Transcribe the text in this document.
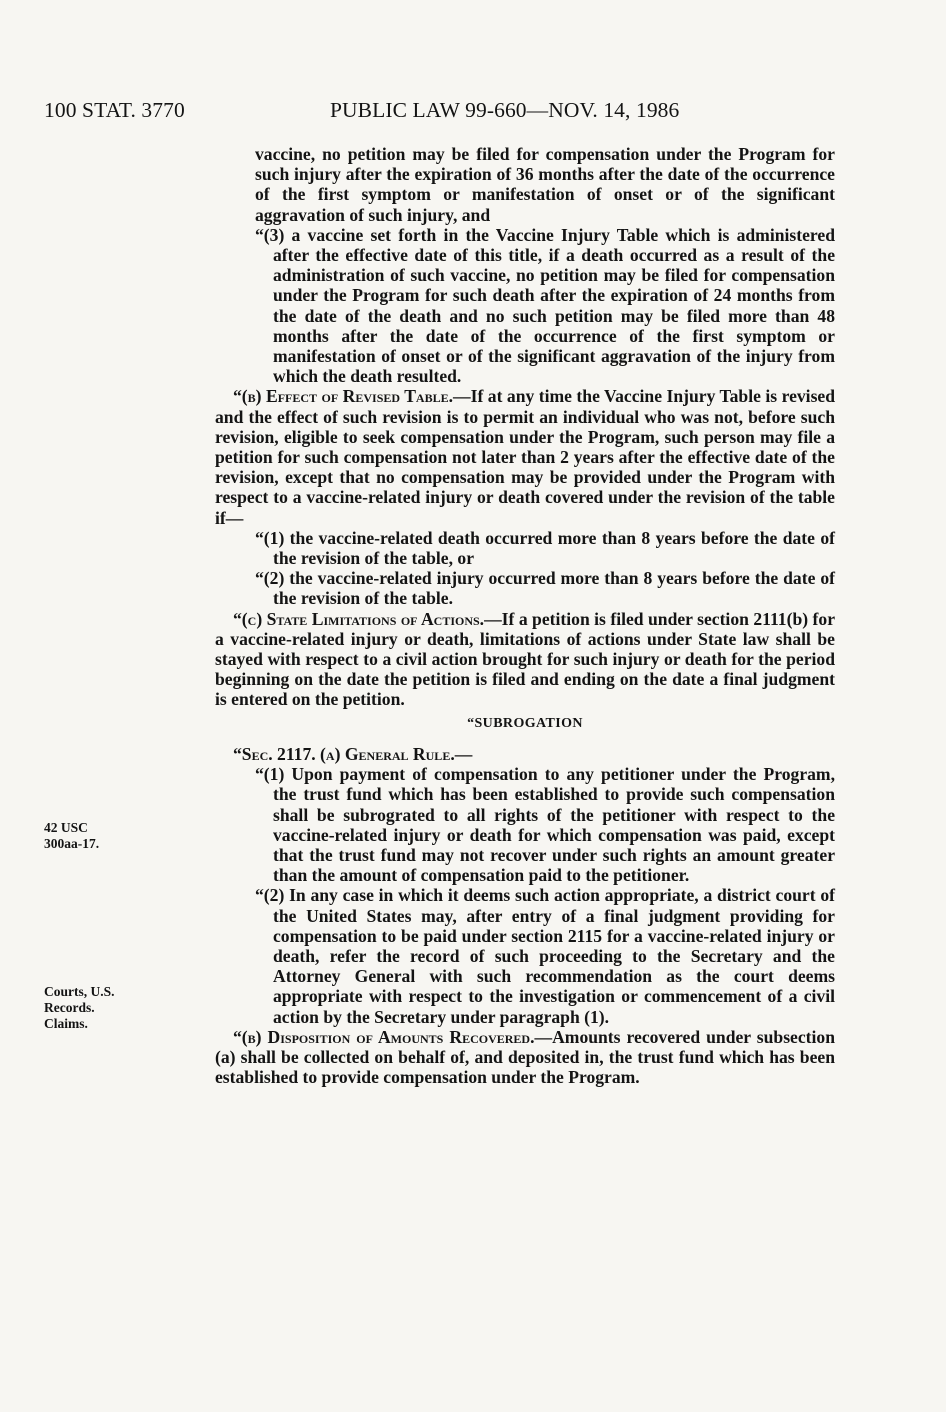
100 STAT. 3770	PUBLIC LAW 99-660—NOV. 14, 1986
42 USC
300aa-17.
Courts, U.S.
Records.
Claims.

vaccine, no petition may be filed for compensation under the Program for such injury after the expiration of 36 months after the date of the occurrence of the first symptom or manifestation of onset or of the significant aggravation of such injury, and

“(3) a vaccine set forth in the Vaccine Injury Table which is administered after the effective date of this title, if a death occurred as a result of the administration of such vaccine, no petition may be filed for compensation under the Program for such death after the expiration of 24 months from the date of the death and no such petition may be filed more than 48 months after the date of the occurrence of the first symptom or manifestation of onset or of the significant aggravation of the injury from which the death resulted.

“(b) Effect of Revised Table.—If at any time the Vaccine Injury Table is revised and the effect of such revision is to permit an individual who was not, before such revision, eligible to seek compensation under the Program, such person may file a petition for such compensation not later than 2 years after the effective date of the revision, except that no compensation may be provided under the Program with respect to a vaccine-related injury or death covered under the revision of the table if—

“(1) the vaccine-related death occurred more than 8 years before the date of the revision of the table, or

“(2) the vaccine-related injury occurred more than 8 years before the date of the revision of the table.

“(c) State Limitations of Actions.—If a petition is filed under section 2111(b) for a vaccine-related injury or death, limitations of actions under State law shall be stayed with respect to a civil action brought for such injury or death for the period beginning on the date the petition is filed and ending on the date a final judgment is entered on the petition.

“SUBROGATION

“Sec. 2117. (a) General Rule.—

“(1) Upon payment of compensation to any petitioner under the Program, the trust fund which has been established to provide such compensation shall be subrograted to all rights of the petitioner with respect to the vaccine-related injury or death for which compensation was paid, except that the trust fund may not recover under such rights an amount greater than the amount of compensation paid to the petitioner.

“(2) In any case in which it deems such action appropriate, a district court of the United States may, after entry of a final judgment providing for compensation to be paid under section 2115 for a vaccine-related injury or death, refer the record of such proceeding to the Secretary and the Attorney General with such recommendation as the court deems appropriate with respect to the investigation or commencement of a civil action by the Secretary under paragraph (1).

“(b) Disposition of Amounts Recovered.—Amounts recovered under subsection (a) shall be collected on behalf of, and deposited in, the trust fund which has been established to provide compensation under the Program.
